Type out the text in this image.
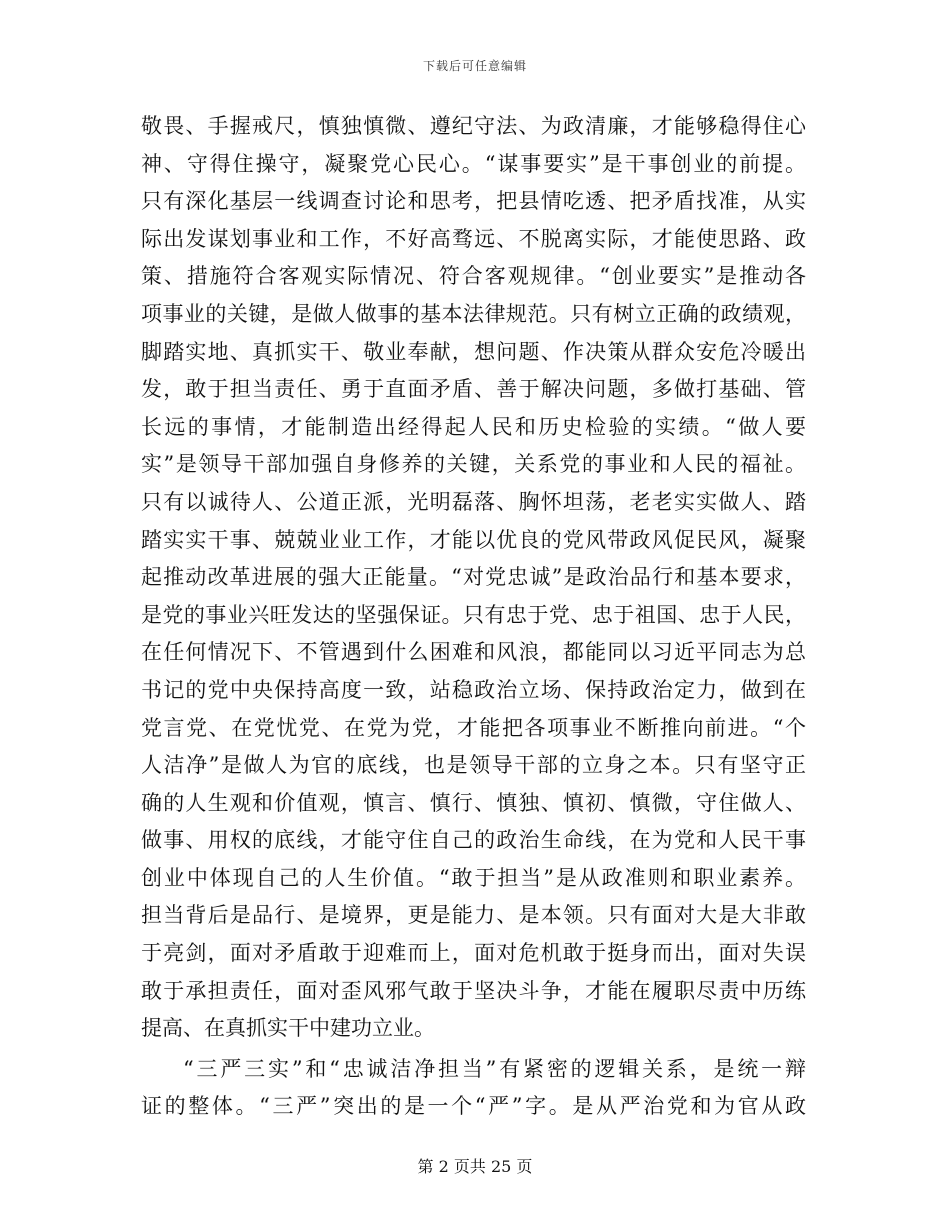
下载后可任意编辑
敬畏、手握戒尺，慎独慎微、遵纪守法、为政清廉，才能够稳得住心
神、守得住操守，凝聚党心民心。“谋事要实”是干事创业的前提。
只有深化基层一线调查讨论和思考，把县情吃透、把矛盾找准，从实
际出发谋划事业和工作，不好高骛远、不脱离实际，才能使思路、政
策、措施符合客观实际情况、符合客观规律。“创业要实”是推动各
项事业的关键，是做人做事的基本法律规范。只有树立正确的政绩观，
脚踏实地、真抓实干、敬业奉献，想问题、作决策从群众安危冷暖出
发，敢于担当责任、勇于直面矛盾、善于解决问题，多做打基础、管
长远的事情，才能制造出经得起人民和历史检验的实绩。“做人要
实”是领导干部加强自身修养的关键，关系党的事业和人民的福祉。
只有以诚待人、公道正派，光明磊落、胸怀坦荡，老老实实做人、踏
踏实实干事、兢兢业业工作，才能以优良的党风带政风促民风，凝聚
起推动改革进展的强大正能量。“对党忠诚”是政治品行和基本要求，
是党的事业兴旺发达的坚强保证。只有忠于党、忠于祖国、忠于人民，
在任何情况下、不管遇到什么困难和风浪，都能同以习近平同志为总
书记的党中央保持高度一致，站稳政治立场、保持政治定力，做到在
党言党、在党忧党、在党为党，才能把各项事业不断推向前进。“个
人洁净”是做人为官的底线，也是领导干部的立身之本。只有坚守正
确的人生观和价值观，慎言、慎行、慎独、慎初、慎微，守住做人、
做事、用权的底线，才能守住自己的政治生命线，在为党和人民干事
创业中体现自己的人生价值。“敢于担当”是从政准则和职业素养。
担当背后是品行、是境界，更是能力、是本领。只有面对大是大非敢
于亮剑，面对矛盾敢于迎难而上，面对危机敢于挺身而出，面对失误
敢于承担责任，面对歪风邪气敢于坚决斗争，才能在履职尽责中历练
提高、在真抓实干中建功立业。
“三严三实”和“忠诚洁净担当”有紧密的逻辑关系，是统一辩
证的整体。“三严”突出的是一个“严”字。是从严治党和为官从政
第 2 页共 25 页
